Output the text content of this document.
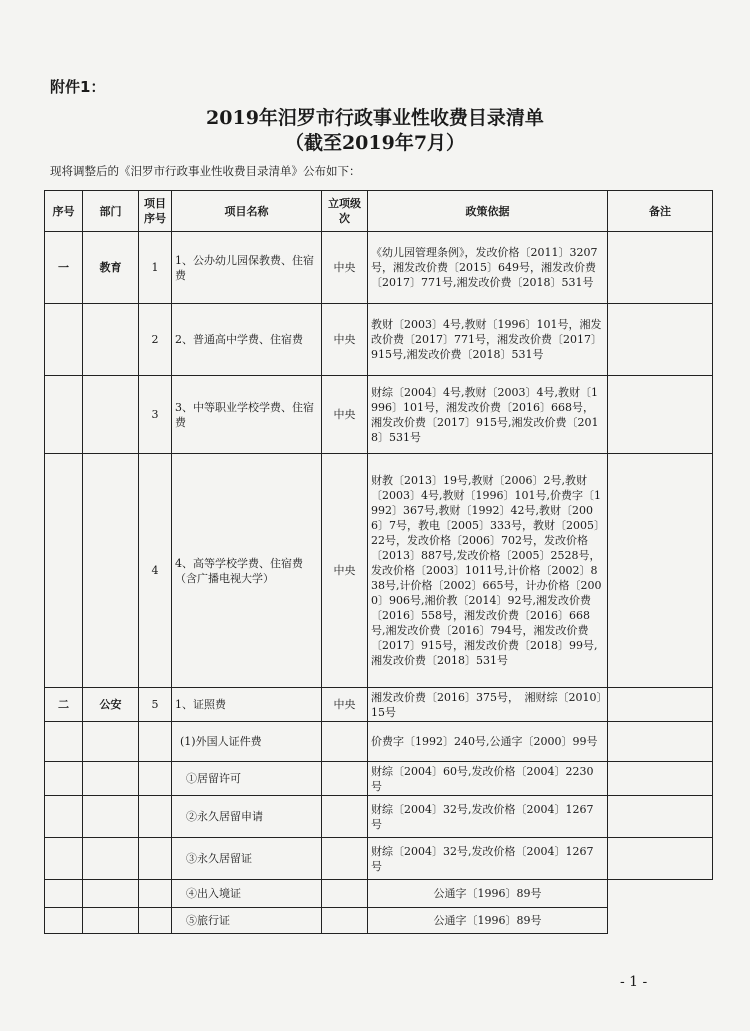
附件1：
2019年汨罗市行政事业性收费目录清单
（截至2019年7月）
现将调整后的《汨罗市行政事业性收费目录清单》公布如下：
序号	部门	项目序号	项目名称	立项级次	政策依据	备注
一	教育	1	1、公办幼儿园保教费、住宿费	中央	《幼儿园管理条例》，发改价格〔2011〕3207号，湘发改价费〔2015〕649号，湘发改价费〔2017〕771号,湘发改价费〔2018〕531号	
		2	2、普通高中学费、住宿费	中央	教财〔2003〕4号,教财〔1996〕101号，湘发改价费〔2017〕771号，湘发改价费〔2017〕915号,湘发改价费〔2018〕531号	
		3	3、中等职业学校学费、住宿费	中央	财综〔2004〕4号,教财〔2003〕4号,教财〔1996〕101号，湘发改价费〔2016〕668号，湘发改价费〔2017〕915号,湘发改价费〔2018〕531号	
		4	4、高等学校学费、住宿费（含广播电视大学）	中央	财教〔2013〕19号,教财〔2006〕2号,教财〔2003〕4号,教财〔1996〕101号,价费字〔1992〕367号,教财〔1992〕42号,教财〔2006〕7号，教电〔2005〕333号，教财〔2005〕22号，发改价格〔2006〕702号，发改价格〔2013〕887号,发改价格〔2005〕2528号，发改价格〔2003〕1011号,计价格〔2002〕838号,计价格〔2002〕665号，计办价格〔2000〕906号,湘价教〔2014〕92号,湘发改价费〔2016〕558号，湘发改价费〔2016〕668号,湘发改价费〔2016〕794号，湘发改价费〔2017〕915号，湘发改价费〔2018〕99号,湘发改价费〔2018〕531号	
二	公安	5	1、证照费	中央	湘发改价费〔2016〕375号，　湘财综〔2010〕15号	
			(1)外国人证件费		价费字〔1992〕240号,公通字〔2000〕99号	
			①居留许可		财综〔2004〕60号,发改价格〔2004〕2230号	
			②永久居留申请		财综〔2004〕32号,发改价格〔2004〕1267号	
			③永久居留证		财综〔2004〕32号,发改价格〔2004〕1267号	
			④出入境证		公通字〔1996〕89号	
			⑤旅行证		公通字〔1996〕89号	
- 1 -
